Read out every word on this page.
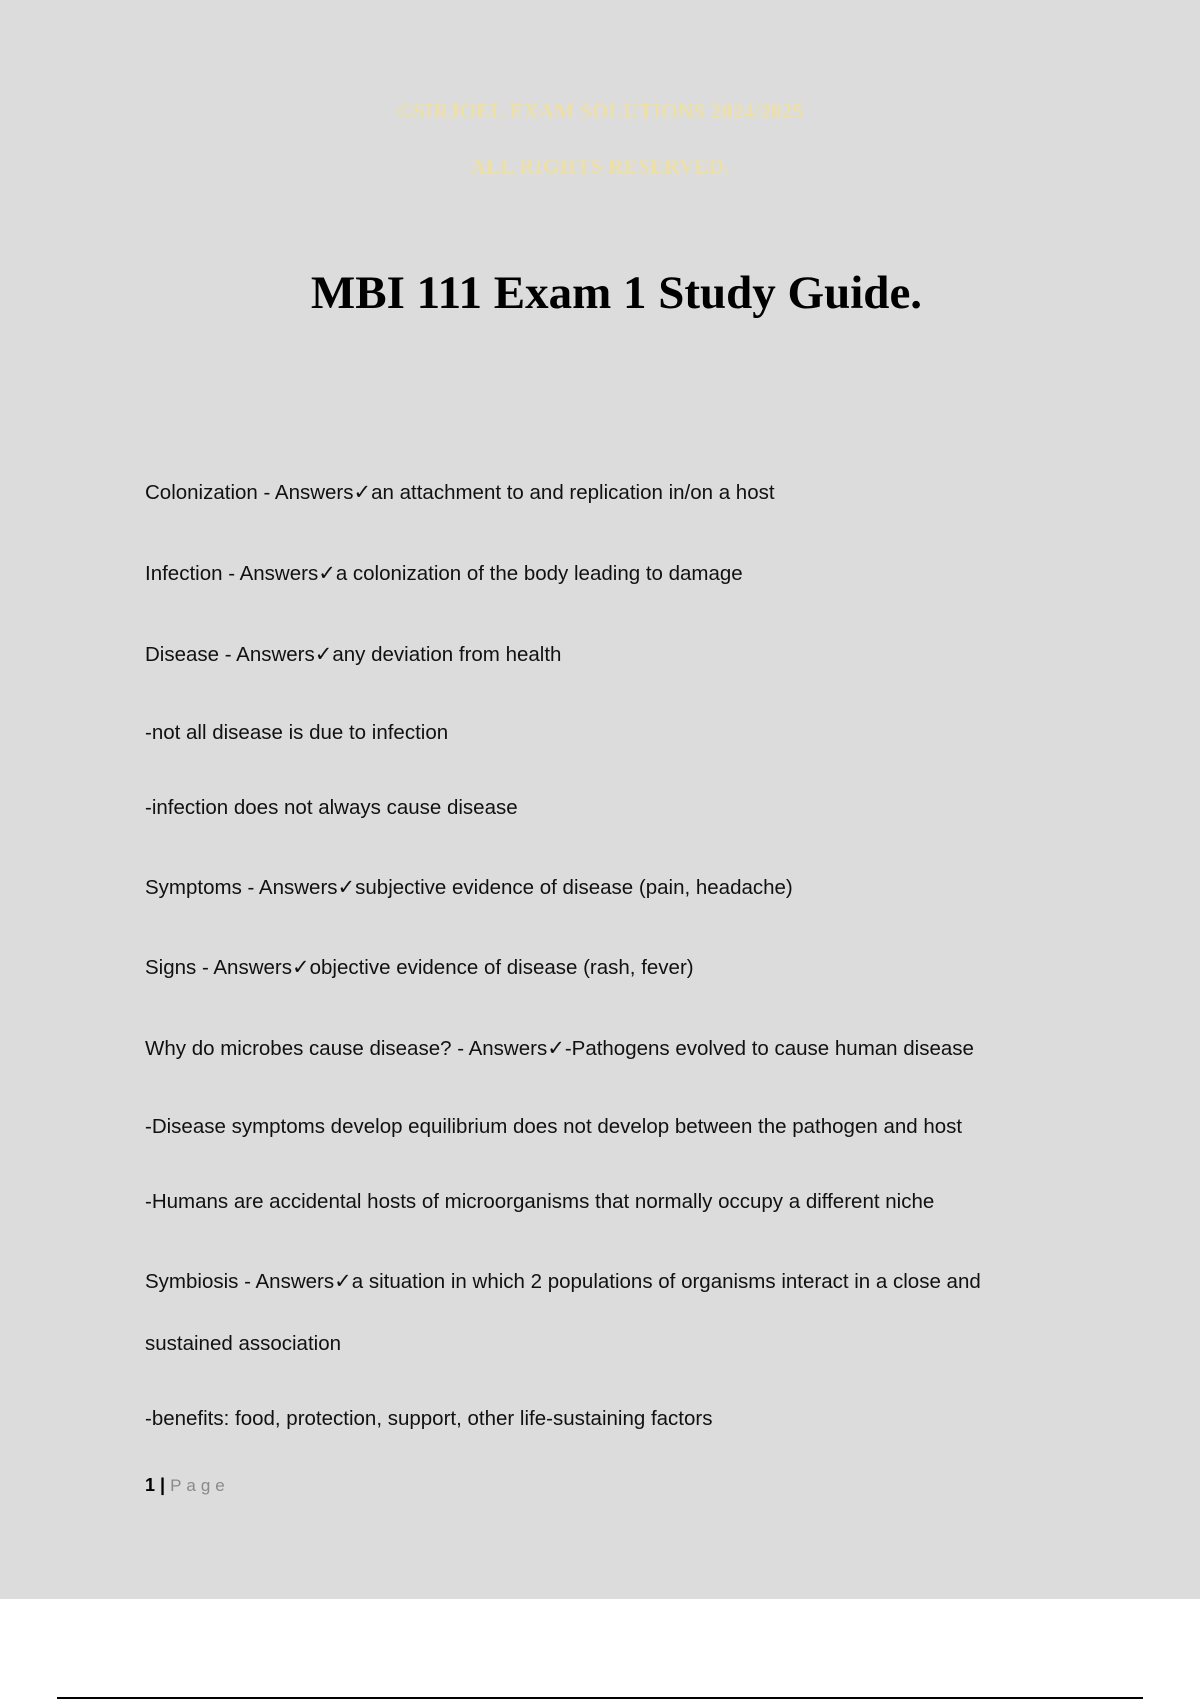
©SIRJOEL EXAM SOLUTIONS 2024/2025
ALL RIGHTS RESERVED.
MBI 111 Exam 1 Study Guide.
Colonization - Answers✓an attachment to and replication in/on a host
Infection - Answers✓a colonization of the body leading to damage
Disease - Answers✓any deviation from health
-not all disease is due to infection
-infection does not always cause disease
Symptoms - Answers✓subjective evidence of disease (pain, headache)
Signs - Answers✓objective evidence of disease (rash, fever)
Why do microbes cause disease? - Answers✓-Pathogens evolved to cause human disease
-Disease symptoms develop equilibrium does not develop between the pathogen and host
-Humans are accidental hosts of microorganisms that normally occupy a different niche
Symbiosis - Answers✓a situation in which 2 populations of organisms interact in a close and
sustained association
-benefits: food, protection, support, other life-sustaining factors
1 | Page
